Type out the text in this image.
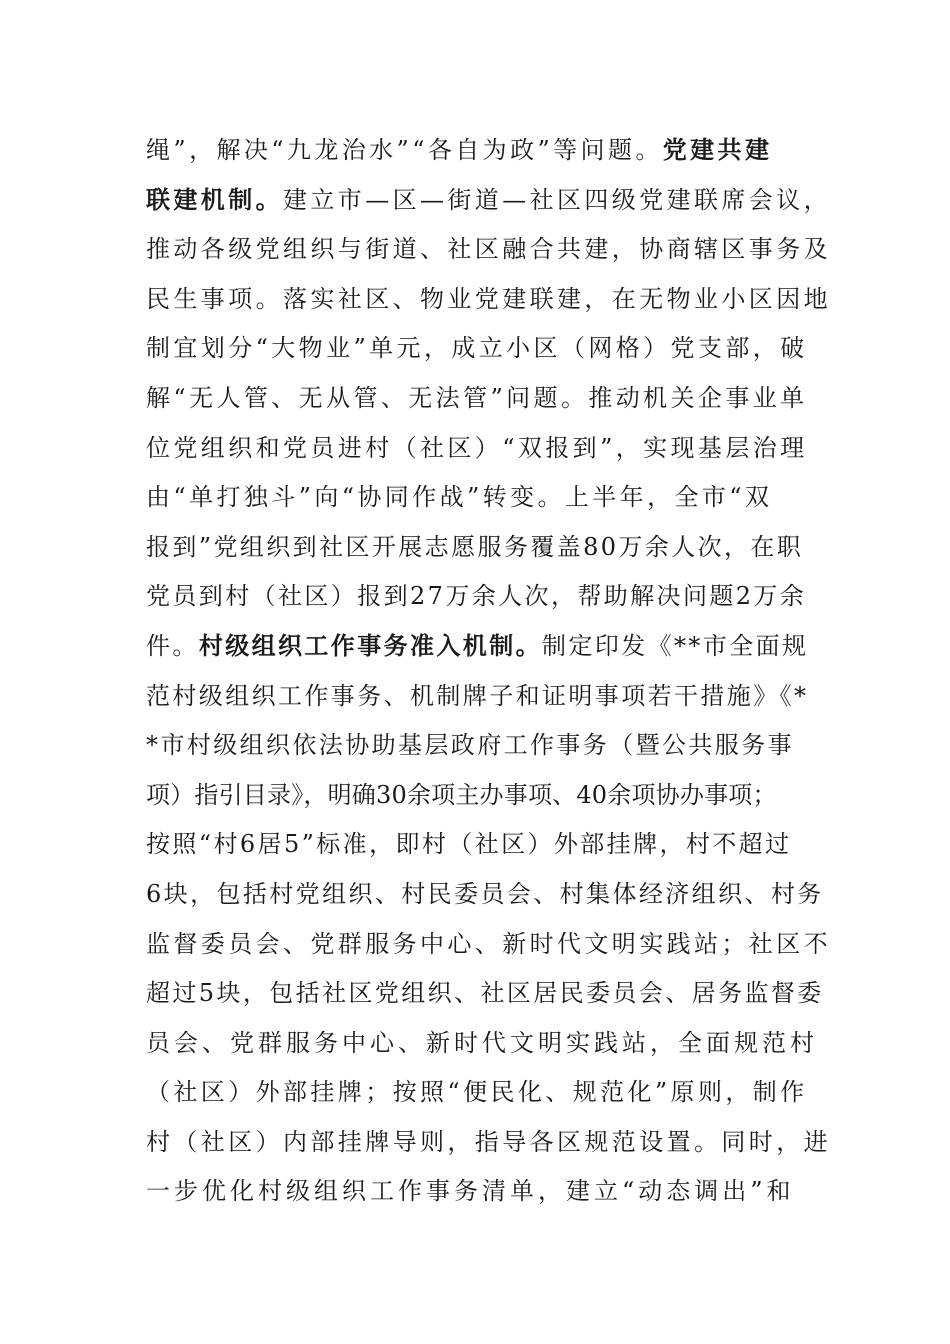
绳”，解决“九龙治水”“各自为政”等问题。党建共建
联建机制。建立市—区—街道—社区四级党建联席会议，
推动各级党组织与街道、社区融合共建，协商辖区事务及
民生事项。落实社区、物业党建联建，在无物业小区因地
制宜划分“大物业”单元，成立小区（网格）党支部，破
解“无人管、无从管、无法管”问题。推动机关企事业单
位党组织和党员进村（社区）“双报到”，实现基层治理
由“单打独斗”向“协同作战”转变。上半年，全市“双
报到”党组织到社区开展志愿服务覆盖80万余人次，在职
党员到村（社区）报到27万余人次，帮助解决问题2万余
件。村级组织工作事务准入机制。制定印发《**市全面规
范村级组织工作事务、机制牌子和证明事项若干措施》《*
*市村级组织依法协助基层政府工作事务（暨公共服务事
项）指引目录》，明确30余项主办事项、40余项协办事项；
按照“村6居5”标准，即村（社区）外部挂牌，村不超过
6块，包括村党组织、村民委员会、村集体经济组织、村务
监督委员会、党群服务中心、新时代文明实践站；社区不
超过5块，包括社区党组织、社区居民委员会、居务监督委
员会、党群服务中心、新时代文明实践站，全面规范村
（社区）外部挂牌；按照“便民化、规范化”原则，制作
村（社区）内部挂牌导则，指导各区规范设置。同时，进
一步优化村级组织工作事务清单，建立“动态调出”和
